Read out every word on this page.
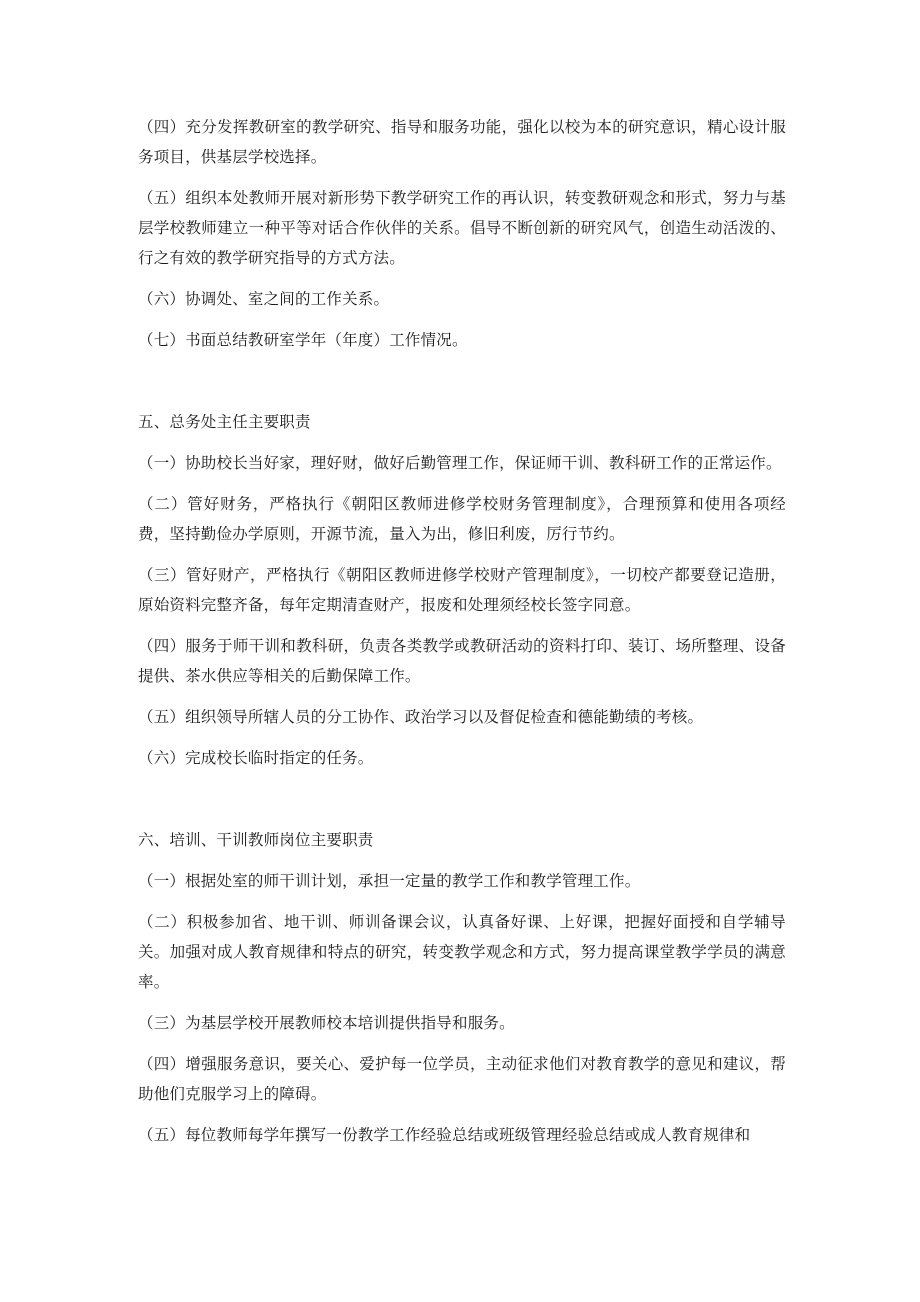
（四）充分发挥教研室的教学研究、指导和服务功能，强化以校为本的研究意识，精心设计服务项目，供基层学校选择。

（五）组织本处教师开展对新形势下教学研究工作的再认识，转变教研观念和形式，努力与基层学校教师建立一种平等对话合作伙伴的关系。倡导不断创新的研究风气，创造生动活泼的、行之有效的教学研究指导的方式方法。

（六）协调处、室之间的工作关系。

（七）书面总结教研室学年（年度）工作情况。

五、总务处主任主要职责

（一）协助校长当好家，理好财，做好后勤管理工作，保证师干训、教科研工作的正常运作。

（二）管好财务，严格执行《朝阳区教师进修学校财务管理制度》，合理预算和使用各项经费，坚持勤俭办学原则，开源节流，量入为出，修旧利废，厉行节约。

（三）管好财产，严格执行《朝阳区教师进修学校财产管理制度》，一切校产都要登记造册，原始资料完整齐备，每年定期清查财产，报废和处理须经校长签字同意。

（四）服务于师干训和教科研，负责各类教学或教研活动的资料打印、装订、场所整理、设备提供、茶水供应等相关的后勤保障工作。

（五）组织领导所辖人员的分工协作、政治学习以及督促检查和德能勤绩的考核。

（六）完成校长临时指定的任务。

六、培训、干训教师岗位主要职责

（一）根据处室的师干训计划，承担一定量的教学工作和教学管理工作。

（二）积极参加省、地干训、师训备课会议，认真备好课、上好课，把握好面授和自学辅导关。加强对成人教育规律和特点的研究，转变教学观念和方式，努力提高课堂教学学员的满意率。

（三）为基层学校开展教师校本培训提供指导和服务。

（四）增强服务意识，要关心、爱护每一位学员，主动征求他们对教育教学的意见和建议，帮助他们克服学习上的障碍。

（五）每位教师每学年撰写一份教学工作经验总结或班级管理经验总结或成人教育规律和
